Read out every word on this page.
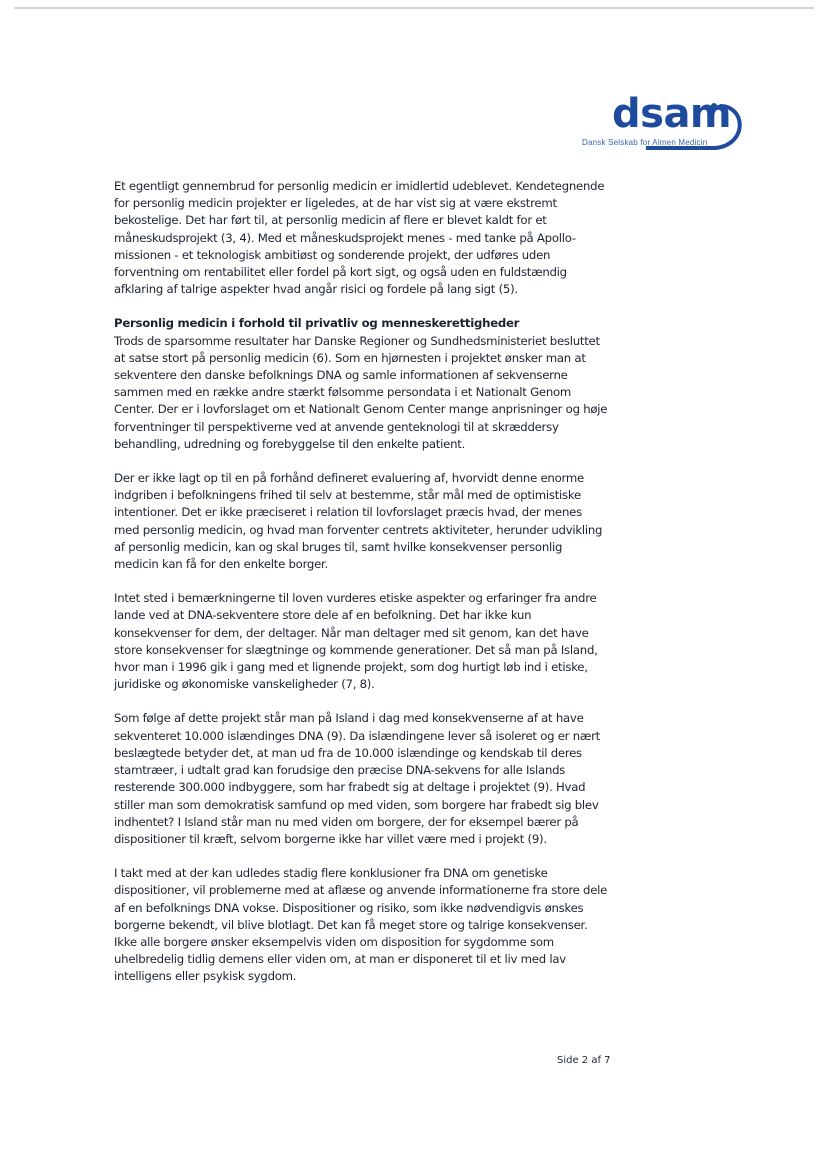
dsam
Dansk Selskab for Almen Medicin

Et egentligt gennembrud for personlig medicin er imidlertid udeblevet. Kendetegnende for personlig medicin projekter er ligeledes, at de har vist sig at være ekstremt bekostelige. Det har ført til, at personlig medicin af flere er blevet kaldt for et måneskudsprojekt (3, 4). Med et måneskudsprojekt menes - med tanke på Apollo-missionen - et teknologisk ambitiøst og sonderende projekt, der udføres uden forventning om rentabilitet eller fordel på kort sigt, og også uden en fuldstændig afklaring af talrige aspekter hvad angår risici og fordele på lang sigt (5).

Personlig medicin i forhold til privatliv og menneskerettigheder
Trods de sparsomme resultater har Danske Regioner og Sundhedsministeriet besluttet at satse stort på personlig medicin (6). Som en hjørnesten i projektet ønsker man at sekventere den danske befolknings DNA og samle informationen af sekvenserne sammen med en række andre stærkt følsomme persondata i et Nationalt Genom Center. Der er i lovforslaget om et Nationalt Genom Center mange anprisninger og høje forventninger til perspektiverne ved at anvende genteknologi til at skræddersy behandling, udredning og forebyggelse til den enkelte patient.

Der er ikke lagt op til en på forhånd defineret evaluering af, hvorvidt denne enorme indgriben i befolkningens frihed til selv at bestemme, står mål med de optimistiske intentioner. Det er ikke præciseret i relation til lovforslaget præcis hvad, der menes med personlig medicin, og hvad man forventer centrets aktiviteter, herunder udvikling af personlig medicin, kan og skal bruges til, samt hvilke konsekvenser personlig medicin kan få for den enkelte borger.

Intet sted i bemærkningerne til loven vurderes etiske aspekter og erfaringer fra andre lande ved at DNA-sekventere store dele af en befolkning. Det har ikke kun konsekvenser for dem, der deltager. Når man deltager med sit genom, kan det have store konsekvenser for slægtninge og kommende generationer. Det så man på Island, hvor man i 1996 gik i gang med et lignende projekt, som dog hurtigt løb ind i etiske, juridiske og økonomiske vanskeligheder (7, 8).

Som følge af dette projekt står man på Island i dag med konsekvenserne af at have sekventeret 10.000 islændinges DNA (9). Da islændingene lever så isoleret og er nært beslægtede betyder det, at man ud fra de 10.000 islændinge og kendskab til deres stamtræer, i udtalt grad kan forudsige den præcise DNA-sekvens for alle Islands resterende 300.000 indbyggere, som har frabedt sig at deltage i projektet (9). Hvad stiller man som demokratisk samfund op med viden, som borgere har frabedt sig blev indhentet? I Island står man nu med viden om borgere, der for eksempel bærer på dispositioner til kræft, selvom borgerne ikke har villet være med i projekt (9).

I takt med at der kan udledes stadig flere konklusioner fra DNA om genetiske dispositioner, vil problemerne med at aflæse og anvende informationerne fra store dele af en befolknings DNA vokse. Dispositioner og risiko, som ikke nødvendigvis ønskes borgerne bekendt, vil blive blotlagt. Det kan få meget store og talrige konsekvenser. Ikke alle borgere ønsker eksempelvis viden om disposition for sygdomme som uhelbredelig tidlig demens eller viden om, at man er disponeret til et liv med lav intelligens eller psykisk sygdom.

Side 2 af 7
